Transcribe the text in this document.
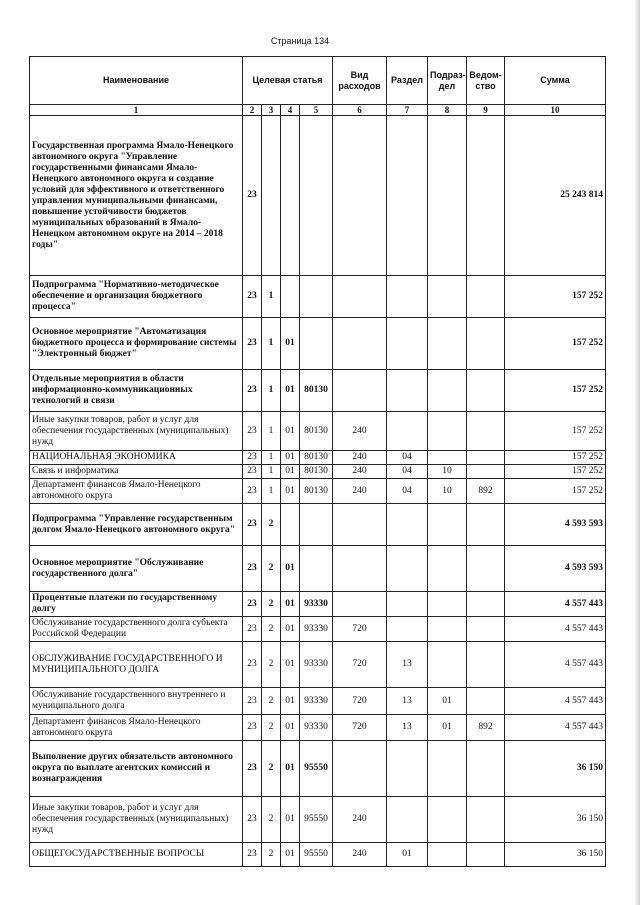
Страница 134
Наименование	Целевая статья				Вид расходов	Раздел	Подраз-дел	Ведом-ство	Сумма
1	2	3	4	5	6	7	8	9	10
Государственная программа Ямало-Ненецкого автономного округа "Управление государственными финансами Ямало-Ненецкого автономного округа и создание условий для эффективного и ответственного управления муниципальными финансами, повышение устойчивости бюджетов муниципальных образований в Ямало-Ненецком автономном округе на 2014 – 2018 годы"	23								25 243 814
Подпрограмма "Нормативно-методическое обеспечение и организация бюджетного процесса"	23	1							157 252
Основное мероприятие "Автоматизация бюджетного процесса и формирование системы "Электронный бюджет"	23	1	01						157 252
Отдельные мероприятия в области информационно-коммуникационных технологий и связи	23	1	01	80130					157 252
Иные закупки товаров, работ и услуг для обеспечения государственных (муниципальных) нужд	23	1	01	80130	240				157 252
НАЦИОНАЛЬНАЯ ЭКОНОМИКА	23	1	01	80130	240	04			157 252
Связь и информатика	23	1	01	80130	240	04	10		157 252
Департамент финансов Ямало-Ненецкого автономного округа	23	1	01	80130	240	04	10	892	157 252
Подпрограмма "Управление государственным долгом Ямало-Ненецкого автономного округа"	23	2							4 593 593
Основное мероприятие "Обслуживание государственного долга"	23	2	01						4 593 593
Процентные платежи по государственному долгу	23	2	01	93330					4 557 443
Обслуживание государственного долга субъекта Российской Федерации	23	2	01	93330	720				4 557 443
ОБСЛУЖИВАНИЕ ГОСУДАРСТВЕННОГО И МУНИЦИПАЛЬНОГО ДОЛГА	23	2	01	93330	720	13			4 557 443
Обслуживание государственного внутреннего и муниципального долга	23	2	01	93330	720	13	01		4 557 443
Департамент финансов Ямало-Ненецкого автономного округа	23	2	01	93330	720	13	01	892	4 557 443
Выполнение других обязательств автономного округа по выплате агентских комиссий и вознаграждения	23	2	01	95550					36 150
Иные закупки товаров, работ и услуг для обеспечения государственных (муниципальных) нужд	23	2	01	95550	240				36 150
ОБЩЕГОСУДАРСТВЕННЫЕ ВОПРОСЫ	23	2	01	95550	240	01			36 150
